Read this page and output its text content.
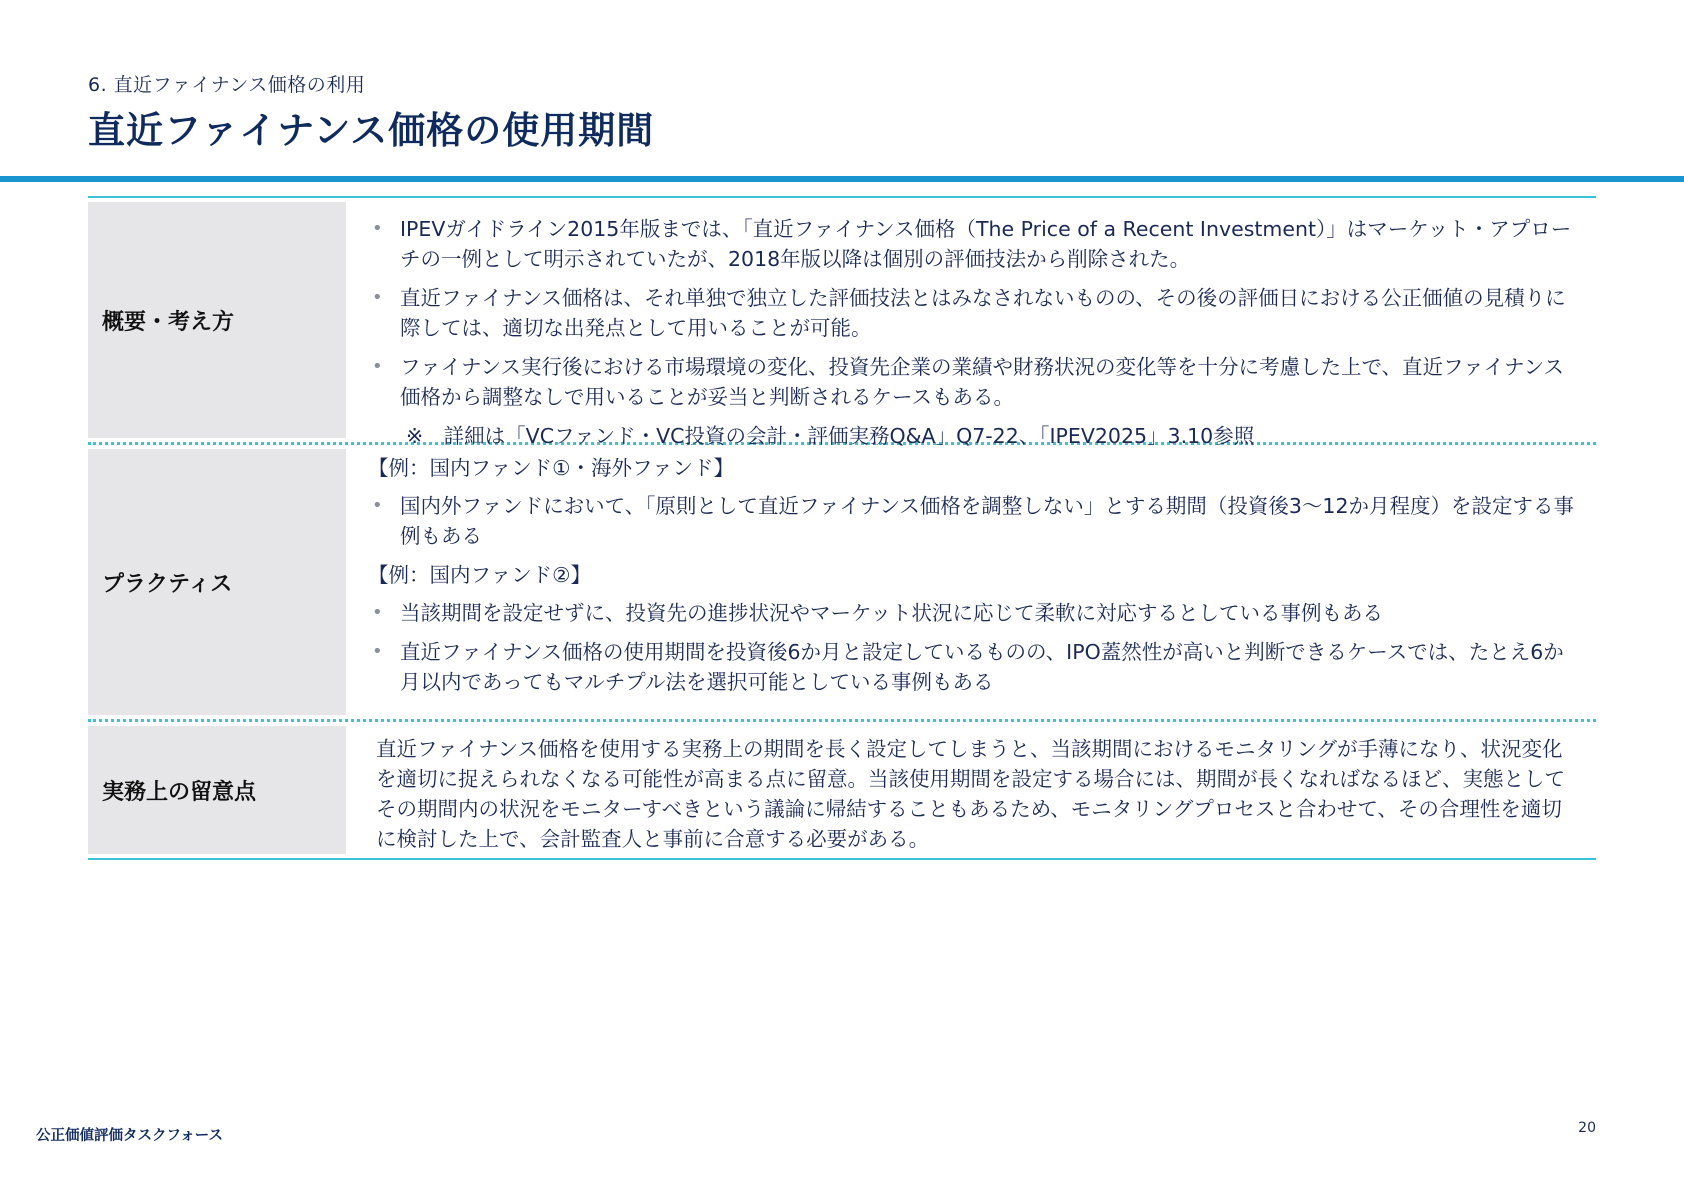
6. 直近ファイナンス価格の利用
直近ファイナンス価格の使用期間
概要・考え方
• IPEVガイドライン2015年版までは、「直近ファイナンス価格（The Price of a Recent Investment）」はマーケット・アプローチの一例として明示されていたが、2018年版以降は個別の評価技法から削除された。
• 直近ファイナンス価格は、それ単独で独立した評価技法とはみなされないものの、その後の評価日における公正価値の見積りに際しては、適切な出発点として用いることが可能。
• ファイナンス実行後における市場環境の変化、投資先企業の業績や財務状況の変化等を十分に考慮した上で、直近ファイナンス価格から調整なしで用いることが妥当と判断されるケースもある。
※　詳細は「VCファンド・VC投資の会計・評価実務Q&A」Q7-22、「IPEV2025」3.10参照
プラクティス
【例：国内ファンド①・海外ファンド】
• 国内外ファンドにおいて、「原則として直近ファイナンス価格を調整しない」とする期間（投資後3～12か月程度）を設定する事例もある
【例：国内ファンド②】
• 当該期間を設定せずに、投資先の進捗状況やマーケット状況に応じて柔軟に対応するとしている事例もある
• 直近ファイナンス価格の使用期間を投資後6か月と設定しているものの、IPO蓋然性が高いと判断できるケースでは、たとえ6か月以内であってもマルチプル法を選択可能としている事例もある
実務上の留意点
直近ファイナンス価格を使用する実務上の期間を長く設定してしまうと、当該期間におけるモニタリングが手薄になり、状況変化を適切に捉えられなくなる可能性が高まる点に留意。当該使用期間を設定する場合には、期間が長くなればなるほど、実態としてその期間内の状況をモニターすべきという議論に帰結することもあるため、モニタリングプロセスと合わせて、その合理性を適切に検討した上で、会計監査人と事前に合意する必要がある。
公正価値評価タスクフォース	20
